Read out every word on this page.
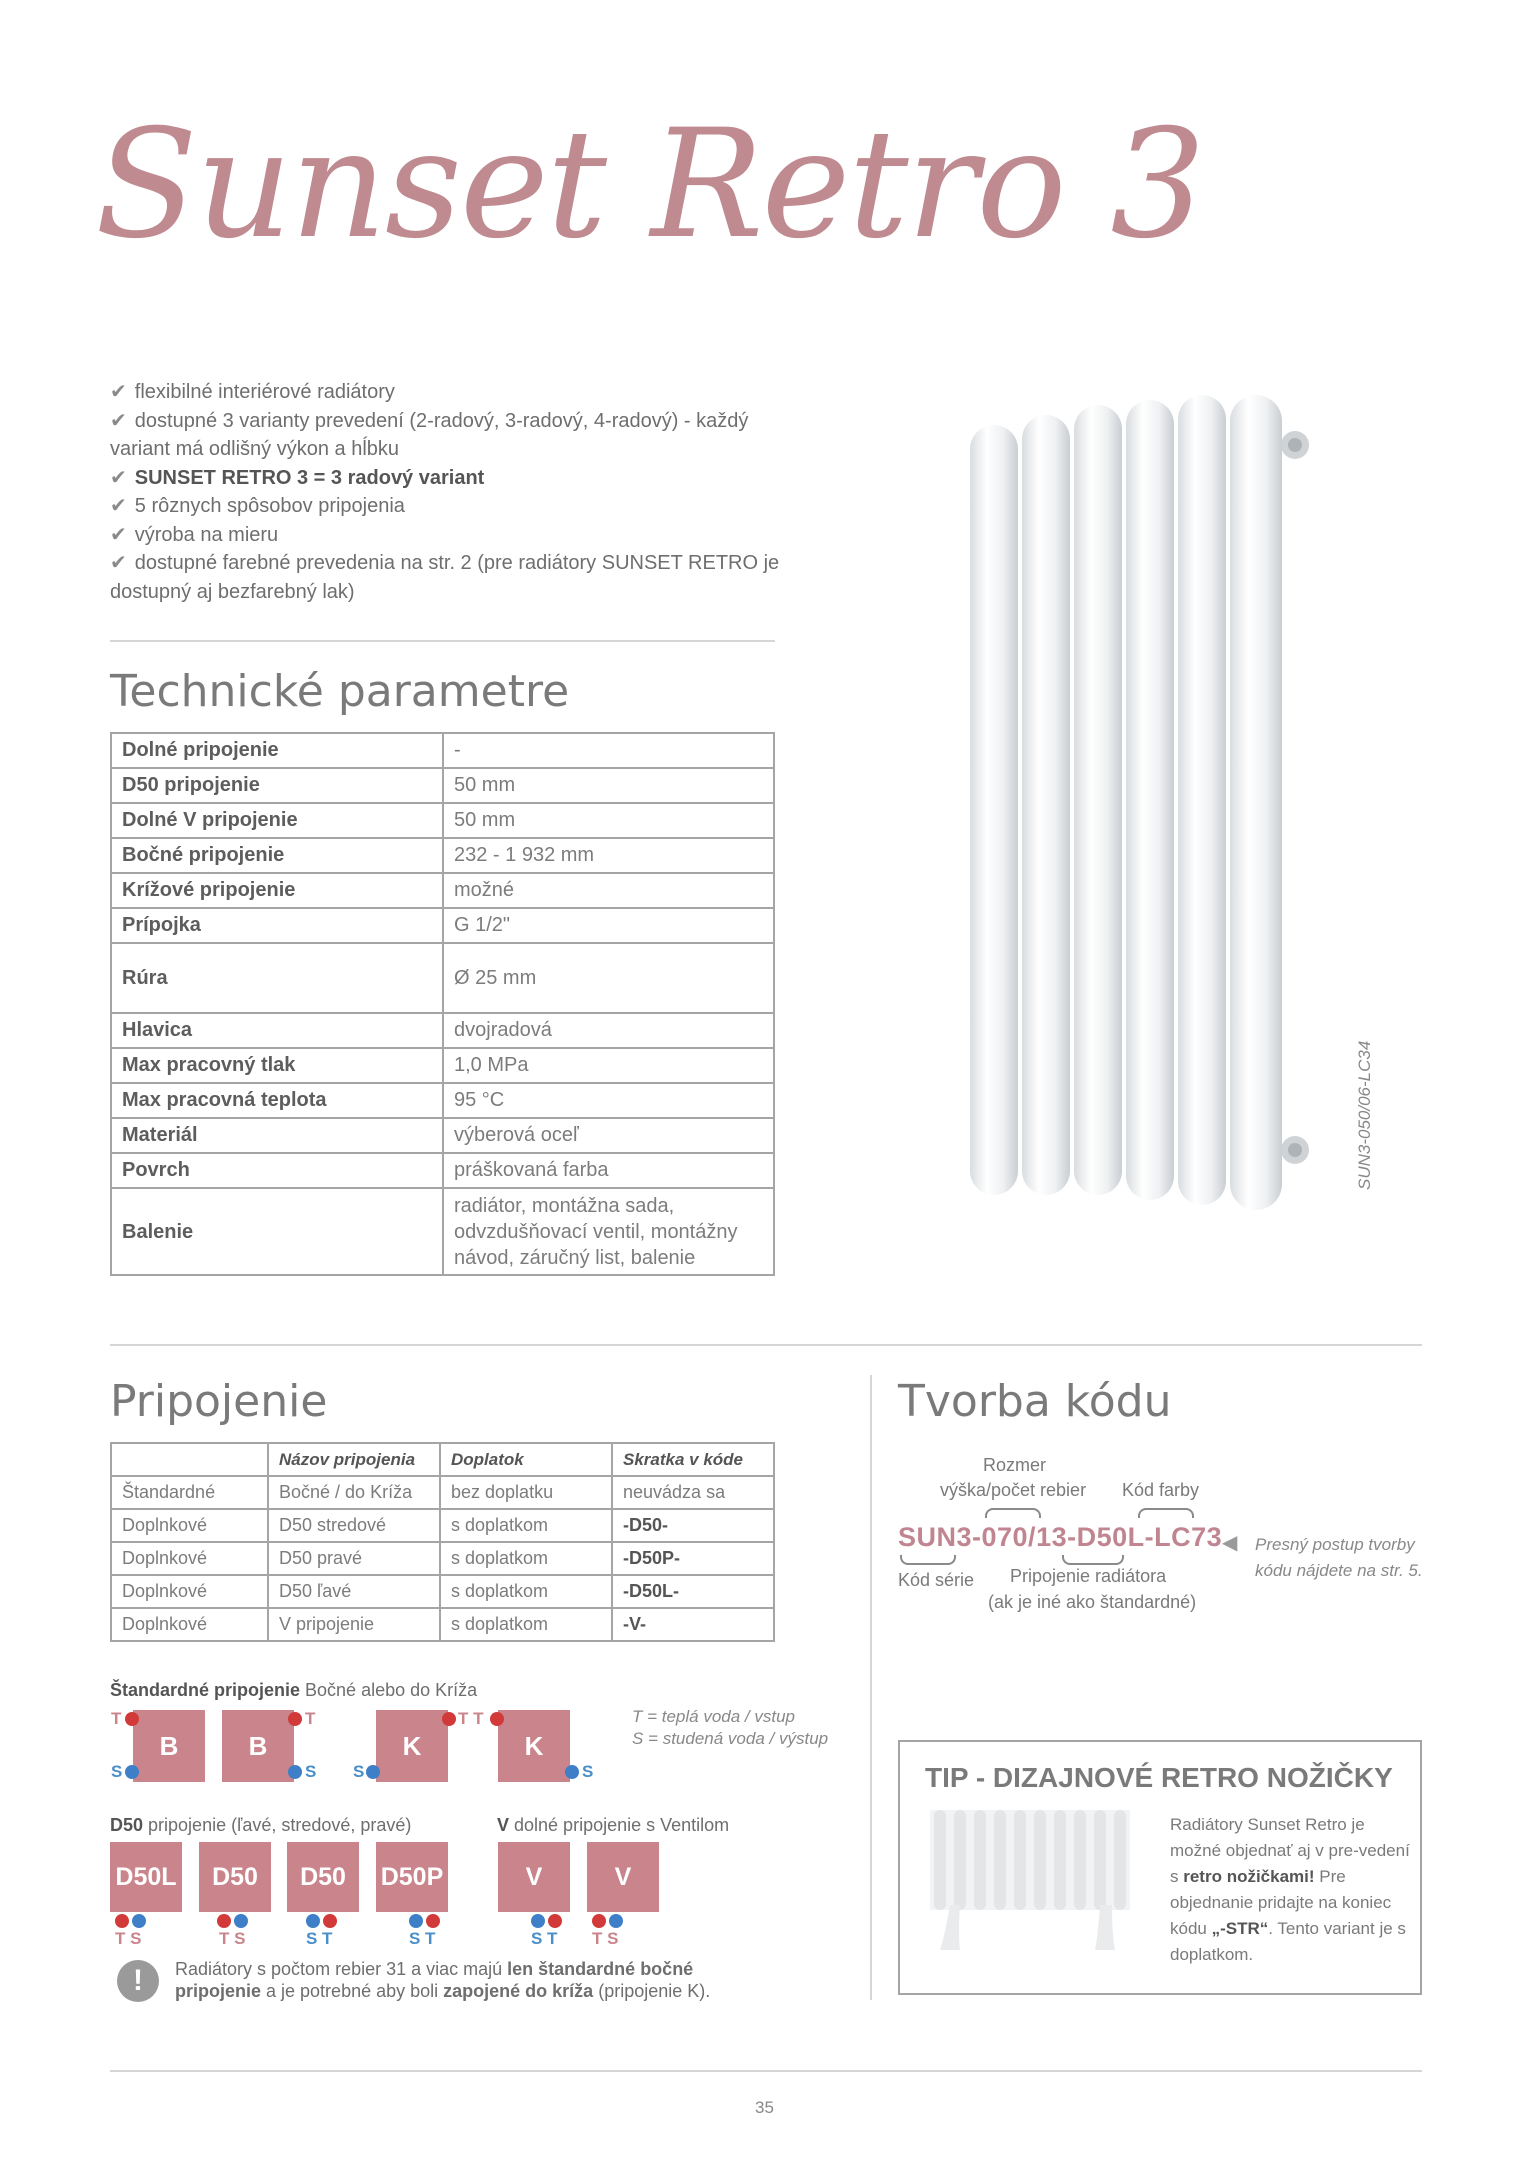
Sunset Retro 3

✔ flexibilné interiérové radiátory

✔ dostupné 3 varianty prevedení (2-radový, 3-radový, 4-radový) - každý variant má odlišný výkon a hĺbku

✔ SUNSET RETRO 3 = 3 radový variant

✔ 5 rôznych spôsobov pripojenia

✔ výroba na mieru

✔ dostupné farebné prevedenia na str. 2 (pre radiátory SUNSET RETRO je dostupný aj bezfarebný lak)

Technické parametre
Dolné pripojenie	-
D50 pripojenie	50 mm
Dolné V pripojenie	50 mm
Bočné pripojenie	232 - 1 932 mm
Krížové pripojenie	možné
Prípojka	G 1/2"
Rúra	Ø 25 mm
Hlavica	dvojradová
Max pracovný tlak	1,0 MPa
Max pracovná teplota	95 °C
Materiál	výberová oceľ
Povrch	práškovaná farba
Balenie	radiátor, montážna sada, odvzdušňovací ventil, montážny návod, záručný list, balenie
SUN3-050/06-LC34
Pripojenie
	Názov pripojenia	Doplatok	Skratka v kóde
Štandardné	Bočné / do Kríža	bez doplatku	neuvádza sa
Doplnkové	D50 stredové	s doplatkom	-D50-
Doplnkové	D50 pravé	s doplatkom	-D50P-
Doplnkové	D50 ľavé	s doplatkom	-D50L-
Doplnkové	V pripojenie	s doplatkom	-V-
Štandardné pripojenie Bočné alebo do Kríža
B	B	K	K
T
S
T
S S
T T
S
T = teplá voda / vstup
S = studená voda / výstup
D50 pripojenie (ľavé, stredové, pravé)	V dolné pripojenie s Ventilom
D50L	D50	D50	D50P	V	V
T S	T S	S T	S T	S T T S
!	Radiátory s počtom rebier 31 a viac majú len štandardné bočné pripojenie a je potrebné aby boli zapojené do kríža (pripojenie K).
Tvorba kódu
Rozmer
výška/počet rebier Kód farby
SUN3-070/13-D50L-LC73
Kód série Pripojenie radiátora
(ak je iné ako štandardné)
◀ Presný postup tvorby kódu nájdete na str. 5.
TIP - DIZAJNOVÉ RETRO NOŽIČKY
Radiátory Sunset Retro je možné objednať aj v pre-vedení s retro nožičkami! Pre objednanie pridajte na koniec kódu „-STR“. Tento variant je s doplatkom.
35
